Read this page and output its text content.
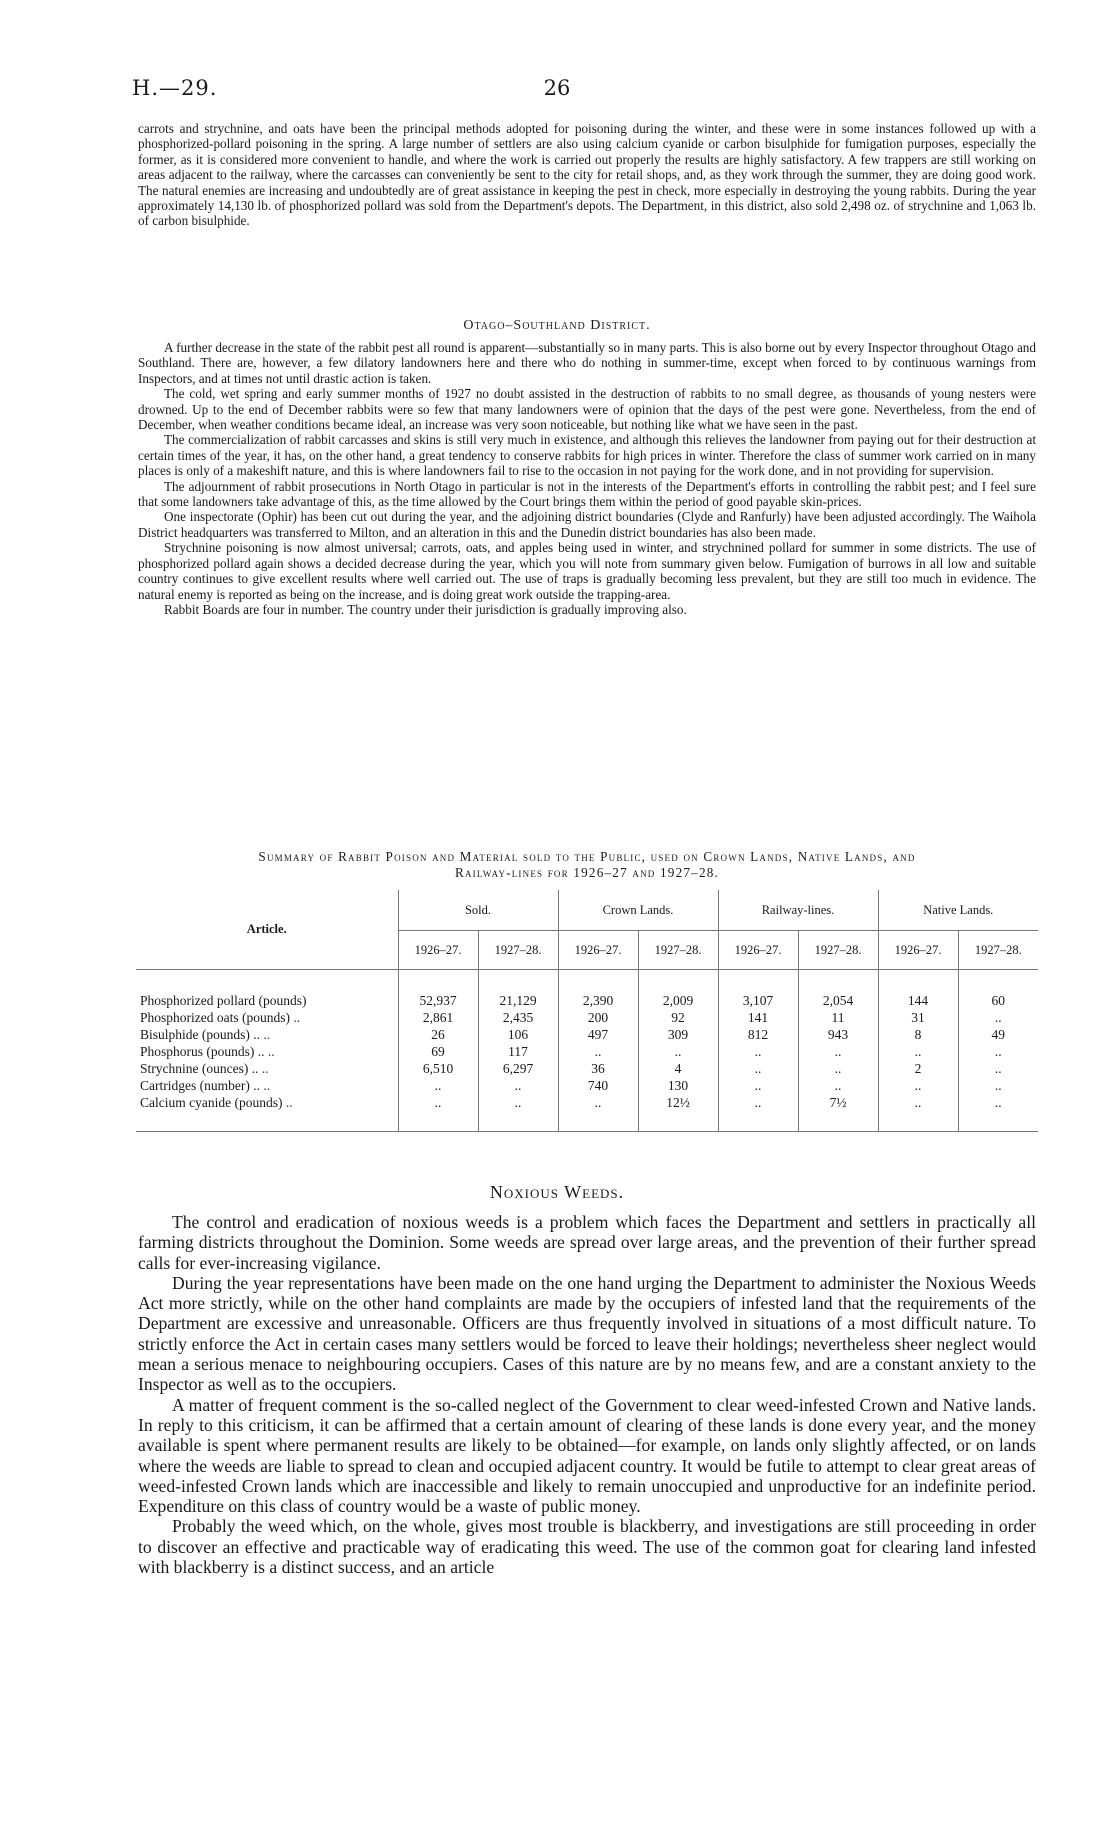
H.—29.	26

carrots and strychnine, and oats have been the principal methods adopted for poisoning during the winter, and these were in some instances followed up with a phosphorized-pollard poisoning in the spring. A large number of settlers are also using calcium cyanide or carbon bisulphide for fumigation purposes, especially the former, as it is considered more convenient to handle, and where the work is carried out properly the results are highly satisfactory. A few trappers are still working on areas adjacent to the railway, where the carcasses can conveniently be sent to the city for retail shops, and, as they work through the summer, they are doing good work. The natural enemies are increasing and undoubtedly are of great assistance in keeping the pest in check, more especially in destroying the young rabbits. During the year approximately 14,130 lb. of phosphorized pollard was sold from the Department's depots. The Department, in this district, also sold 2,498 oz. of strychnine and 1,063 lb. of carbon bisulphide.

Otago–Southland District.

A further decrease in the state of the rabbit pest all round is apparent—substantially so in many parts. This is also borne out by every Inspector throughout Otago and Southland. There are, however, a few dilatory landowners here and there who do nothing in summer-time, except when forced to by continuous warnings from Inspectors, and at times not until drastic action is taken.

The cold, wet spring and early summer months of 1927 no doubt assisted in the destruction of rabbits to no small degree, as thousands of young nesters were drowned. Up to the end of December rabbits were so few that many landowners were of opinion that the days of the pest were gone. Nevertheless, from the end of December, when weather conditions became ideal, an increase was very soon noticeable, but nothing like what we have seen in the past.

The commercialization of rabbit carcasses and skins is still very much in existence, and although this relieves the landowner from paying out for their destruction at certain times of the year, it has, on the other hand, a great tendency to conserve rabbits for high prices in winter. Therefore the class of summer work carried on in many places is only of a makeshift nature, and this is where landowners fail to rise to the occasion in not paying for the work done, and in not providing for supervision.

The adjournment of rabbit prosecutions in North Otago in particular is not in the interests of the Department's efforts in controlling the rabbit pest; and I feel sure that some landowners take advantage of this, as the time allowed by the Court brings them within the period of good payable skin-prices.

One inspectorate (Ophir) has been cut out during the year, and the adjoining district boundaries (Clyde and Ranfurly) have been adjusted accordingly. The Waihola District headquarters was transferred to Milton, and an alteration in this and the Dunedin district boundaries has also been made.

Strychnine poisoning is now almost universal; carrots, oats, and apples being used in winter, and strychnined pollard for summer in some districts. The use of phosphorized pollard again shows a decided decrease during the year, which you will note from summary given below. Fumigation of burrows in all low and suitable country continues to give excellent results where well carried out. The use of traps is gradually becoming less prevalent, but they are still too much in evidence. The natural enemy is reported as being on the increase, and is doing great work outside the trapping-area.

Rabbit Boards are four in number. The country under their jurisdiction is gradually improving also.

Summary of Rabbit Poison and Material sold to the Public, used on Crown Lands, Native Lands, and
Railway-lines for 1926–27 and 1927–28.
Article.	Sold.		Crown Lands.		Railway-lines.		Native Lands.	
	1926–27.	1927–28.	1926–27.	1927–28.	1926–27.	1927–28.	1926–27.	1927–28.
Phosphorized pollard (pounds)	52,937	21,129	2,390	2,009	3,107	2,054	144	60
Phosphorized oats (pounds) ..	2,861	2,435	200	92	141	11	31	..
Bisulphide (pounds) .. ..	26	106	497	309	812	943	8	49
Phosphorus (pounds) .. ..	69	117	..	..	..	..	..	..
Strychnine (ounces) .. ..	6,510	6,297	36	4	..	..	2	..
Cartridges (number) .. ..	..	..	740	130	..	..	..	..
Calcium cyanide (pounds) ..	..	..	..	12½	..	7½	..	..
Noxious Weeds.

The control and eradication of noxious weeds is a problem which faces the Department and settlers in practically all farming districts throughout the Dominion. Some weeds are spread over large areas, and the prevention of their further spread calls for ever-increasing vigilance.

During the year representations have been made on the one hand urging the Department to administer the Noxious Weeds Act more strictly, while on the other hand complaints are made by the occupiers of infested land that the requirements of the Department are excessive and unreasonable. Officers are thus frequently involved in situations of a most difficult nature. To strictly enforce the Act in certain cases many settlers would be forced to leave their holdings; nevertheless sheer neglect would mean a serious menace to neighbouring occupiers. Cases of this nature are by no means few, and are a constant anxiety to the Inspector as well as to the occupiers.

A matter of frequent comment is the so-called neglect of the Government to clear weed-infested Crown and Native lands. In reply to this criticism, it can be affirmed that a certain amount of clearing of these lands is done every year, and the money available is spent where permanent results are likely to be obtained—for example, on lands only slightly affected, or on lands where the weeds are liable to spread to clean and occupied adjacent country. It would be futile to attempt to clear great areas of weed-infested Crown lands which are inaccessible and likely to remain unoccupied and unproductive for an indefinite period. Expenditure on this class of country would be a waste of public money.

Probably the weed which, on the whole, gives most trouble is blackberry, and investigations are still proceeding in order to discover an effective and practicable way of eradicating this weed. The use of the common goat for clearing land infested with blackberry is a distinct success, and an article
